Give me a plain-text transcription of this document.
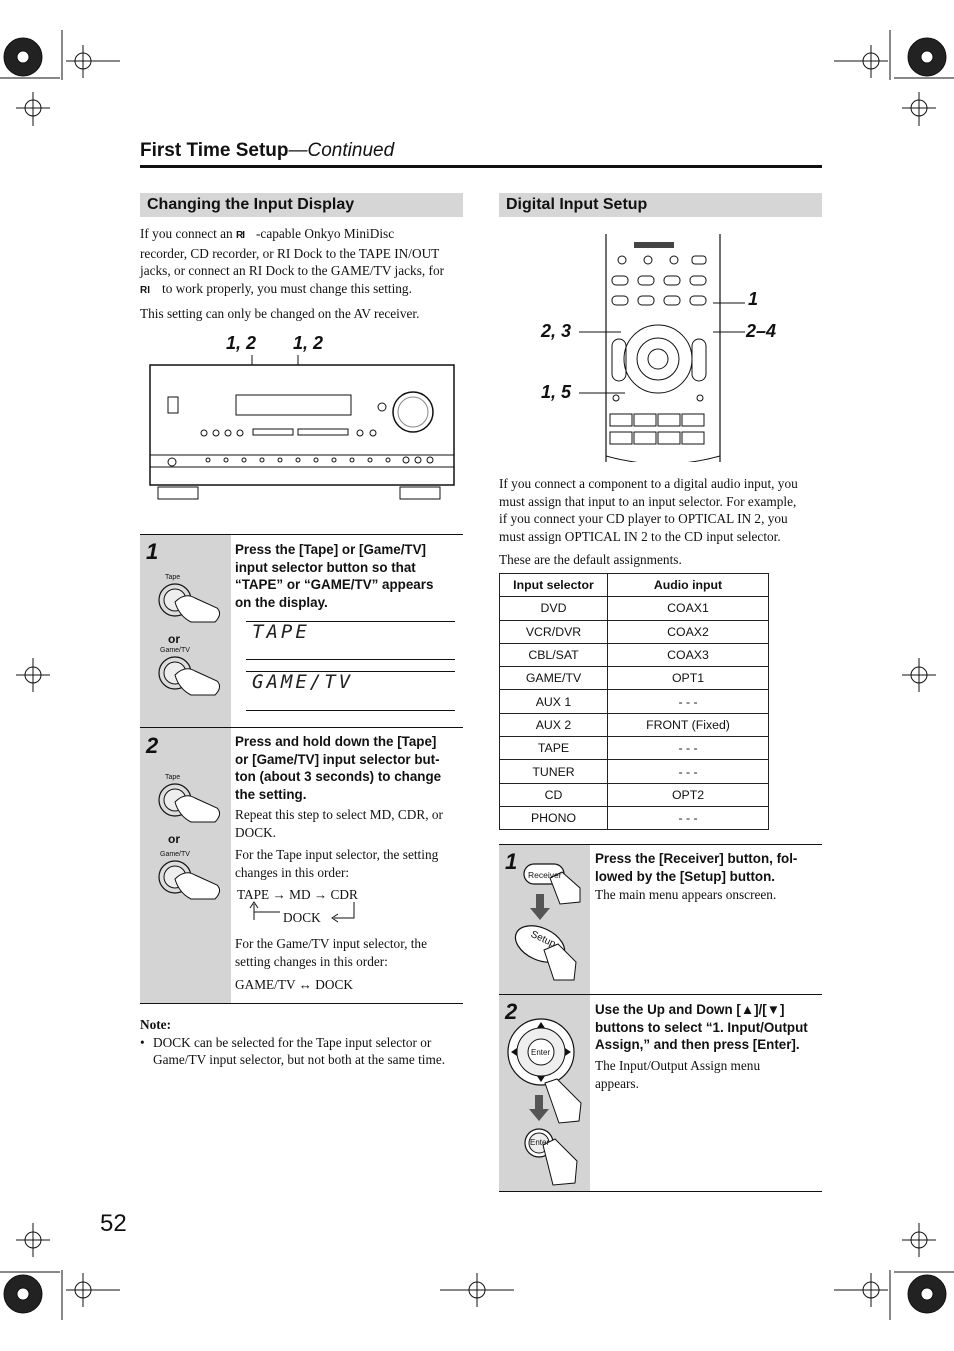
First Time Setup—Continued
Changing the Input Display
If you connect an RI -capable Onkyo MiniDisc
recorder, CD recorder, or RI Dock to the TAPE IN/OUT
jacks, or connect an RI Dock to the GAME/TV jacks, for
RI to work properly, you must change this setting.
This setting can only be changed on the AV receiver.
1, 2 1, 2
1
Tape
or
Game/TV
Press the [Tape] or [Game/TV]
input selector button so that
“TAPE” or “GAME/TV” appears
on the display.
TAPE
GAME/TV
2
Tape
or
Game/TV
Press and hold down the [Tape]
or [Game/TV] input selector but-
ton (about 3 seconds) to change
the setting.
Repeat this step to select MD, CDR, or
DOCK.
For the Tape input selector, the setting
changes in this order:
TAPE → MD → CDR
DOCK
For the Game/TV input selector, the
setting changes in this order:
GAME/TV ↔ DOCK
Note:
• DOCK can be selected for the Tape input selector or
Game/TV input selector, but not both at the same time.
Digital Input Setup
1
2, 3	2–4
1, 5
If you connect a component to a digital audio input, you
must assign that input to an input selector. For example,
if you connect your CD player to OPTICAL IN 2, you
must assign OPTICAL IN 2 to the CD input selector.
These are the default assignments.
Input selector	Audio input
DVD	COAX1
VCR/DVR	COAX2
CBL/SAT	COAX3
GAME/TV	OPT1
AUX 1	- - -
AUX 2	FRONT (Fixed)
TAPE	- - -
TUNER	- - -
CD	OPT2
PHONO	- - -
1
Receiver
Setup
Press the [Receiver] button, fol-
lowed by the [Setup] button.
The main menu appears onscreen.
2
Enter
Enter
Use the Up and Down [▲]/[▼]
buttons to select “1. Input/Output
Assign,” and then press [Enter].
The Input/Output Assign menu
appears.
52
